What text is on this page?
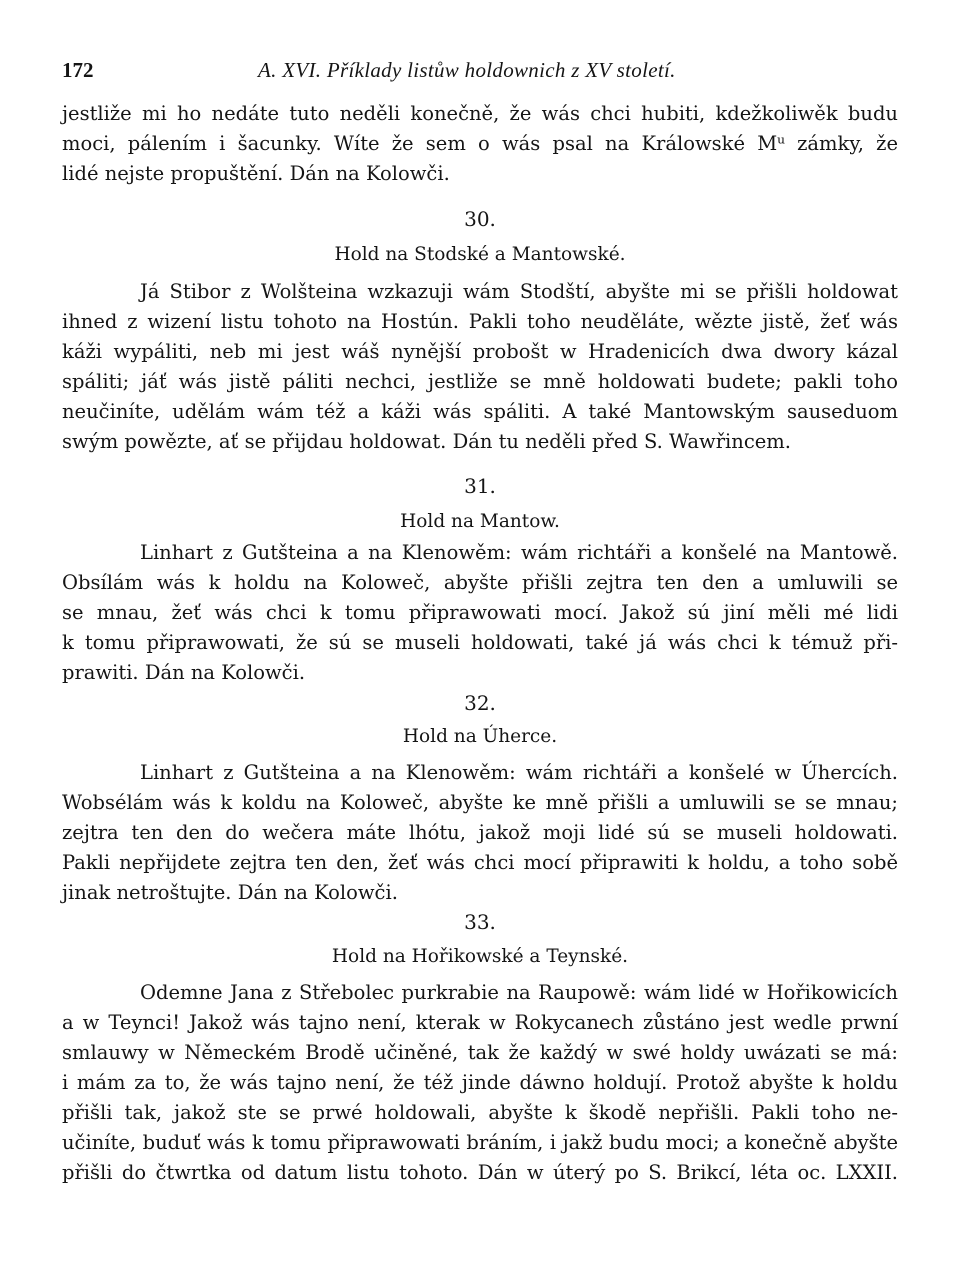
172	A. XVI. Příklady listůw holdownich z XV století.
jestliže mi ho nedáte tuto neděli konečně, že wás chci hubiti, kdežkoliwěk budu
moci, pálením i šacunky. Wíte že sem o wás psal na Králowské Mᵘ zámky, že
lidé nejste propuštění. Dán na Kolowči.
30.
Hold na Stodské a Mantowské.
Já Stibor z Wolšteina wzkazuji wám Stodští, abyšte mi se přišli holdowat
ihned z wizení listu tohoto na Hostún. Pakli toho neuděláte, wězte jistě, žeť wás
káži wypáliti, neb mi jest wáš nynější probošt w Hradenicích dwa dwory kázal
spáliti; jáť wás jistě páliti nechci, jestliže se mně holdowati budete; pakli toho
neučiníte, udělám wám též a káži wás spáliti. A také Mantowským sauseduom
swým powězte, ať se přijdau holdowat. Dán tu neděli před S. Wawřincem.
31.
Hold na Mantow.
Linhart z Gutšteina a na Klenowěm: wám richtáři a konšelé na Mantowě.
Obsílám wás k holdu na Koloweč, abyšte přišli zejtra ten den a umluwili se
se mnau, žeť wás chci k tomu připrawowati mocí. Jakož sú jiní měli mé lidi
k tomu připrawowati, že sú se museli holdowati, také já wás chci k témuž při-
prawiti. Dán na Kolowči.
32.
Hold na Úherce.
Linhart z Gutšteina a na Klenowěm: wám richtáři a konšelé w Úhercích.
Wobsélám wás k koldu na Koloweč, abyšte ke mně přišli a umluwili se se mnau;
zejtra ten den do wečera máte lhótu, jakož moji lidé sú se museli holdowati.
Pakli nepřijdete zejtra ten den, žeť wás chci mocí připrawiti k holdu, a toho sobě
jinak netroštujte. Dán na Kolowči.
33.
Hold na Hořikowské a Teynské.
Odemne Jana z Střebolec purkrabie na Raupowě: wám lidé w Hořikowicích
a w Teynci! Jakož wás tajno není, kterak w Rokycanech zůstáno jest wedle prwní
smlauwy w Německém Brodě učiněné, tak že každý w swé holdy uwázati se má:
i mám za to, že wás tajno není, že též jinde dáwno holdují. Protož abyšte k holdu
přišli tak, jakož ste se prwé holdowali, abyšte k škodě nepřišli. Pakli toho ne-
učiníte, buduť wás k tomu připrawowati bráním, i jakž budu moci; a konečně abyšte
přišli do čtwrtka od datum listu tohoto. Dán w úterý po S. Brikcí, léta oc. LXXII.
